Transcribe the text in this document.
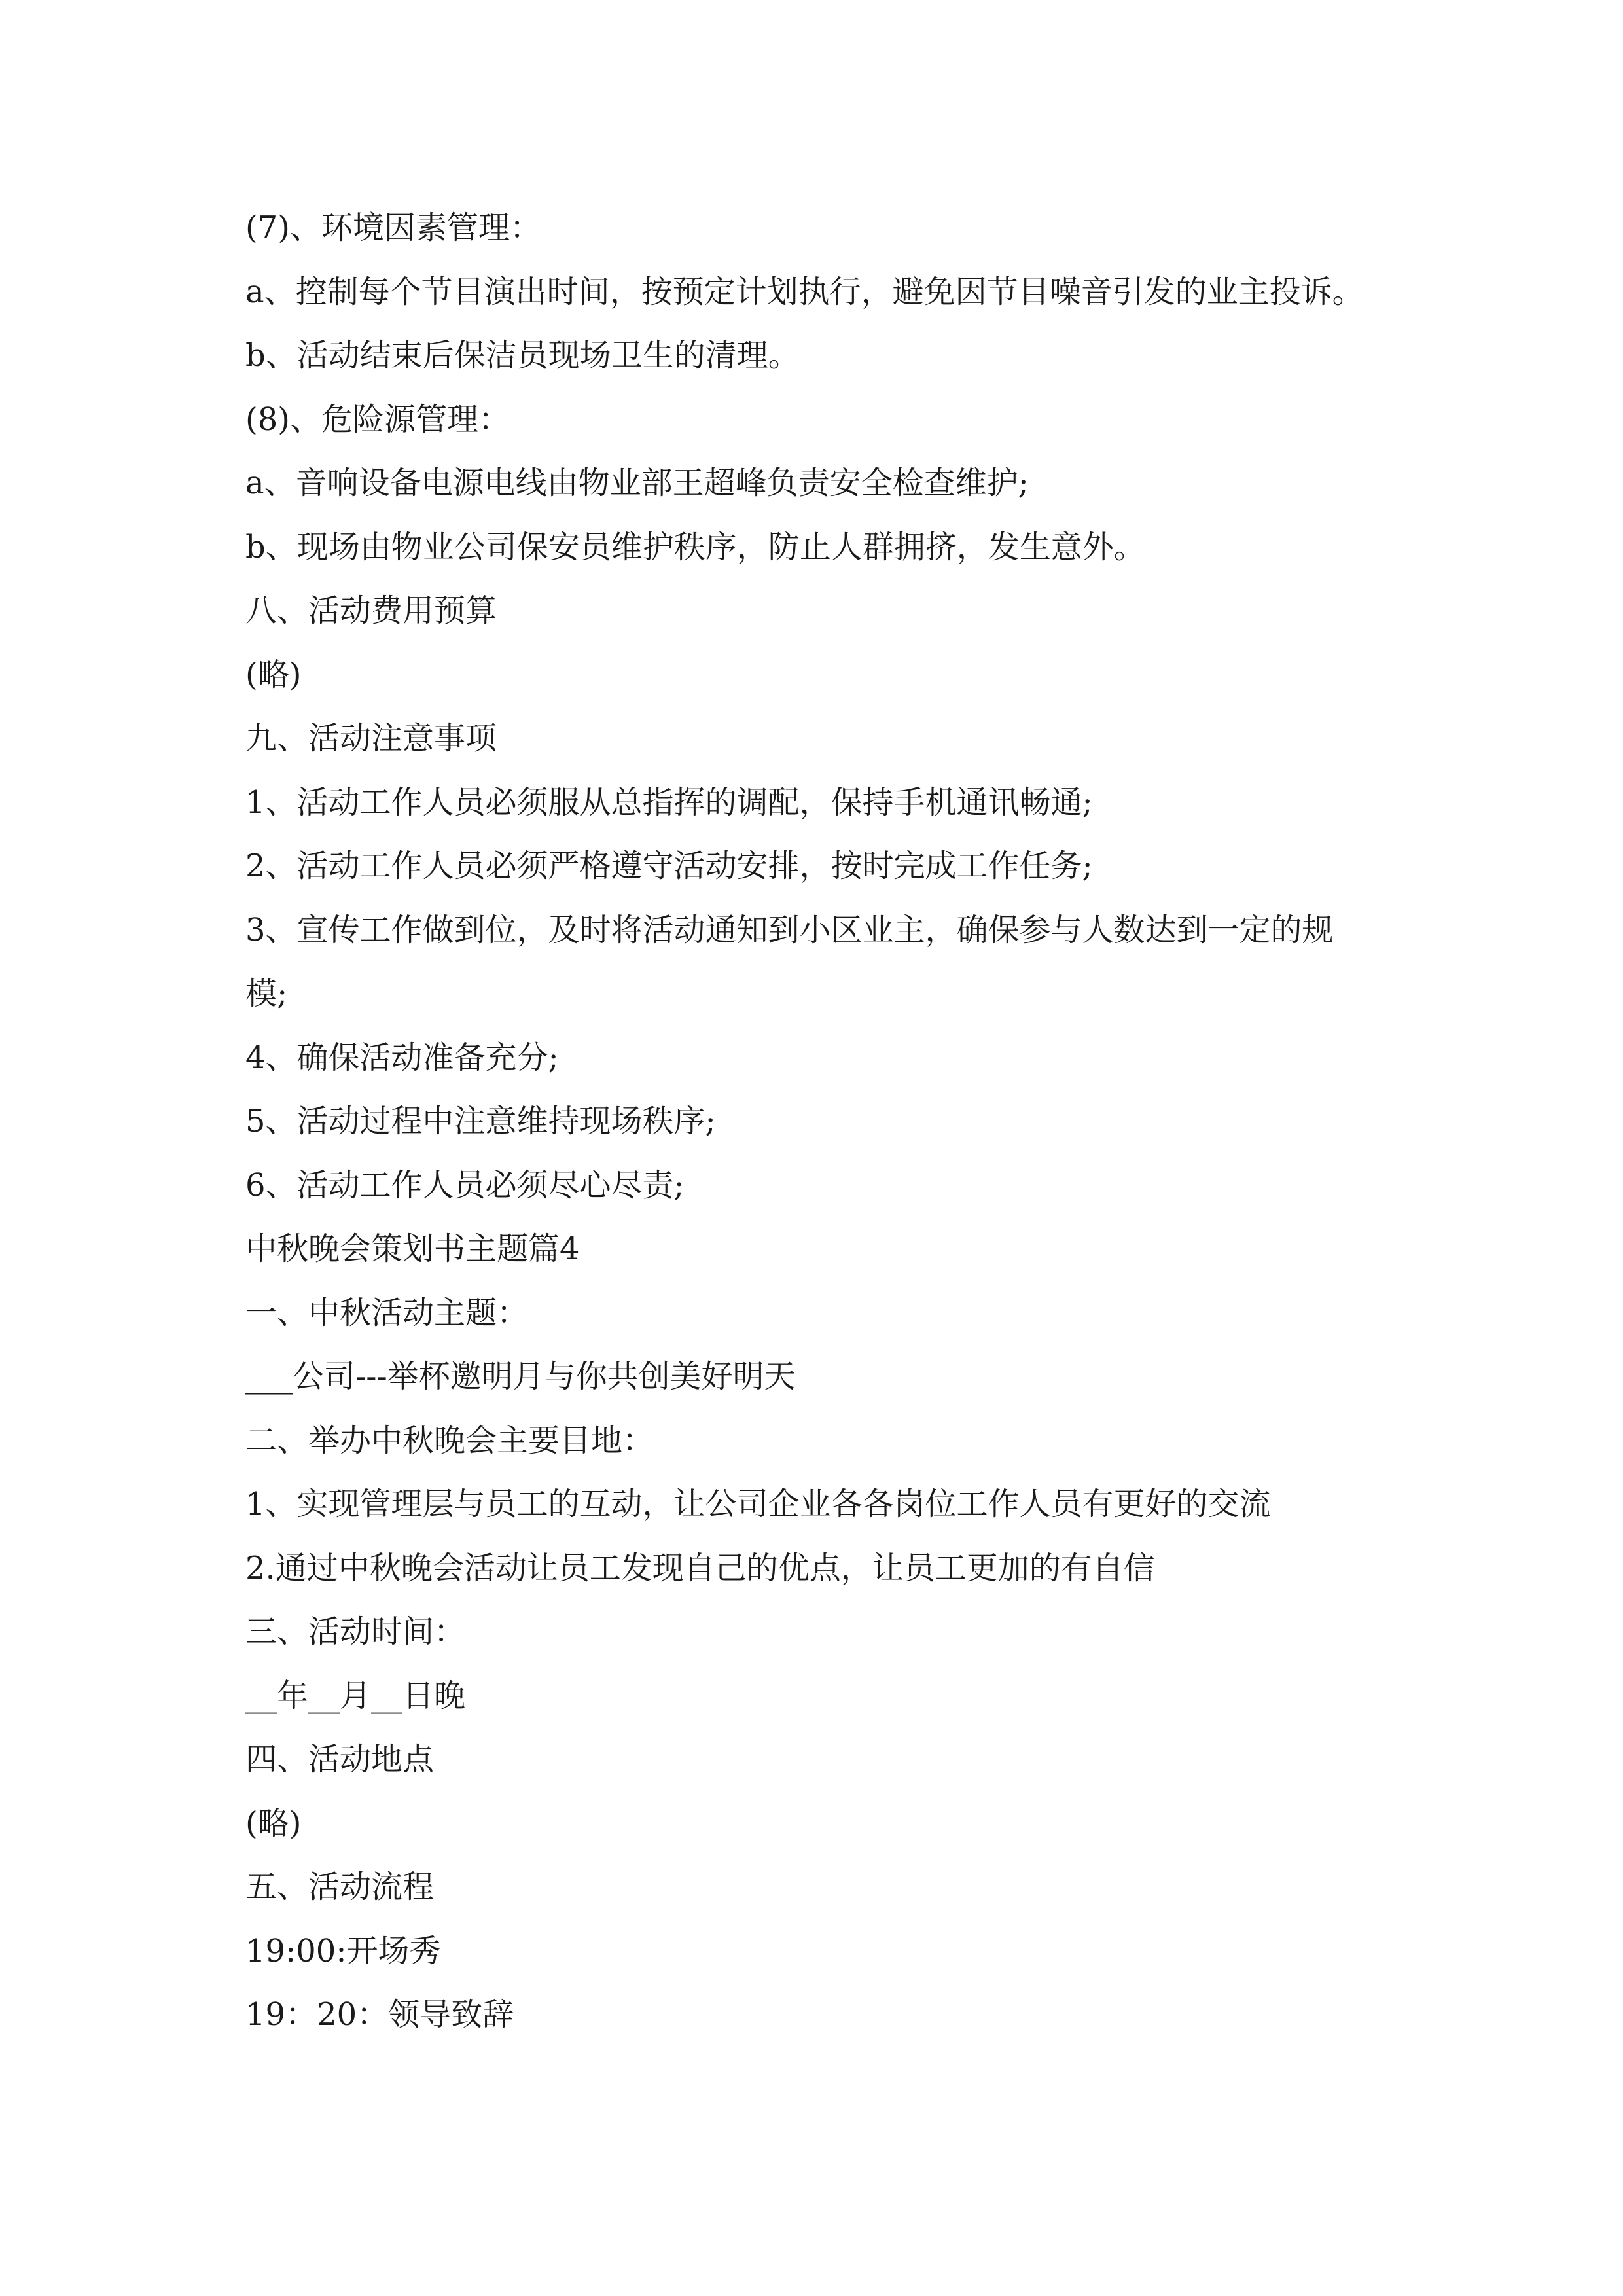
(7)、环境因素管理：
a、控制每个节目演出时间，按预定计划执行，避免因节目噪音引发的业主投诉。
b、活动结束后保洁员现场卫生的清理。
(8)、危险源管理：
a、音响设备电源电线由物业部王超峰负责安全检查维护;
b、现场由物业公司保安员维护秩序，防止人群拥挤，发生意外。
八、活动费用预算
(略)
九、活动注意事项
1、活动工作人员必须服从总指挥的调配，保持手机通讯畅通;
2、活动工作人员必须严格遵守活动安排，按时完成工作任务;
3、宣传工作做到位，及时将活动通知到小区业主，确保参与人数达到一定的规
模;
4、确保活动准备充分;
5、活动过程中注意维持现场秩序;
6、活动工作人员必须尽心尽责;
中秋晚会策划书主题篇4
一、中秋活动主题：
___公司---举杯邀明月与你共创美好明天
二、举办中秋晚会主要目地：
1、实现管理层与员工的互动，让公司企业各各岗位工作人员有更好的交流
2.通过中秋晚会活动让员工发现自己的优点，让员工更加的有自信
三、活动时间：
__年__月__日晚
四、活动地点
(略)
五、活动流程
19:00:开场秀
19：20：领导致辞
